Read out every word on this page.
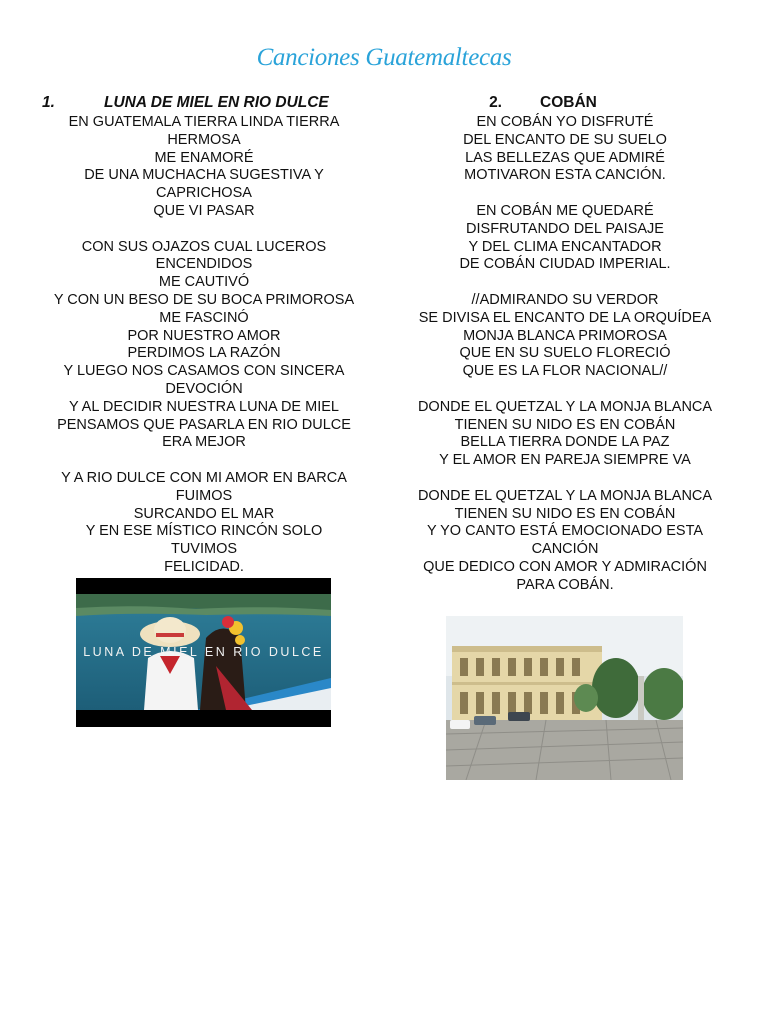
Canciones Guatemaltecas
1.	LUNA DE MIEL EN RIO DULCE
EN GUATEMALA TIERRA LINDA TIERRA
HERMOSA
ME ENAMORÉ
DE UNA MUCHACHA SUGESTIVA Y
CAPRICHOSA
QUE VI PASAR
CON SUS OJAZOS CUAL LUCEROS
ENCENDIDOS
ME CAUTIVÓ
Y CON UN BESO DE SU BOCA PRIMOROSA
ME FASCINÓ
POR NUESTRO AMOR
PERDIMOS LA RAZÓN
Y LUEGO NOS CASAMOS CON SINCERA
DEVOCIÓN
Y AL DECIDIR NUESTRA LUNA DE MIEL
PENSAMOS QUE PASARLA EN RIO DULCE
ERA MEJOR
Y A RIO DULCE CON MI AMOR EN BARCA
FUIMOS
SURCANDO EL MAR
Y EN ESE MÍSTICO RINCÓN SOLO
TUVIMOS
FELICIDAD.
2.	COBÁN
EN COBÁN YO DISFRUTÉ
DEL ENCANTO DE SU SUELO
LAS BELLEZAS QUE ADMIRÉ
MOTIVARON ESTA CANCIÓN.
EN COBÁN ME QUEDARÉ
DISFRUTANDO DEL PAISAJE
Y DEL CLIMA ENCANTADOR
DE COBÁN CIUDAD IMPERIAL.
//ADMIRANDO SU VERDOR
SE DIVISA EL ENCANTO DE LA ORQUÍDEA
MONJA BLANCA PRIMOROSA
QUE EN SU SUELO FLORECIÓ
QUE ES LA FLOR NACIONAL//
DONDE EL QUETZAL Y LA MONJA BLANCA
TIENEN SU NIDO ES EN COBÁN
BELLA TIERRA DONDE LA PAZ
Y EL AMOR EN PAREJA SIEMPRE VA
DONDE EL QUETZAL Y LA MONJA BLANCA
TIENEN SU NIDO ES EN COBÁN
Y YO CANTO ESTÁ EMOCIONADO ESTA
CANCIÓN
QUE DEDICO CON AMOR Y ADMIRACIÓN
PARA COBÁN.
LUNA DE MIEL EN RIO DULCE
